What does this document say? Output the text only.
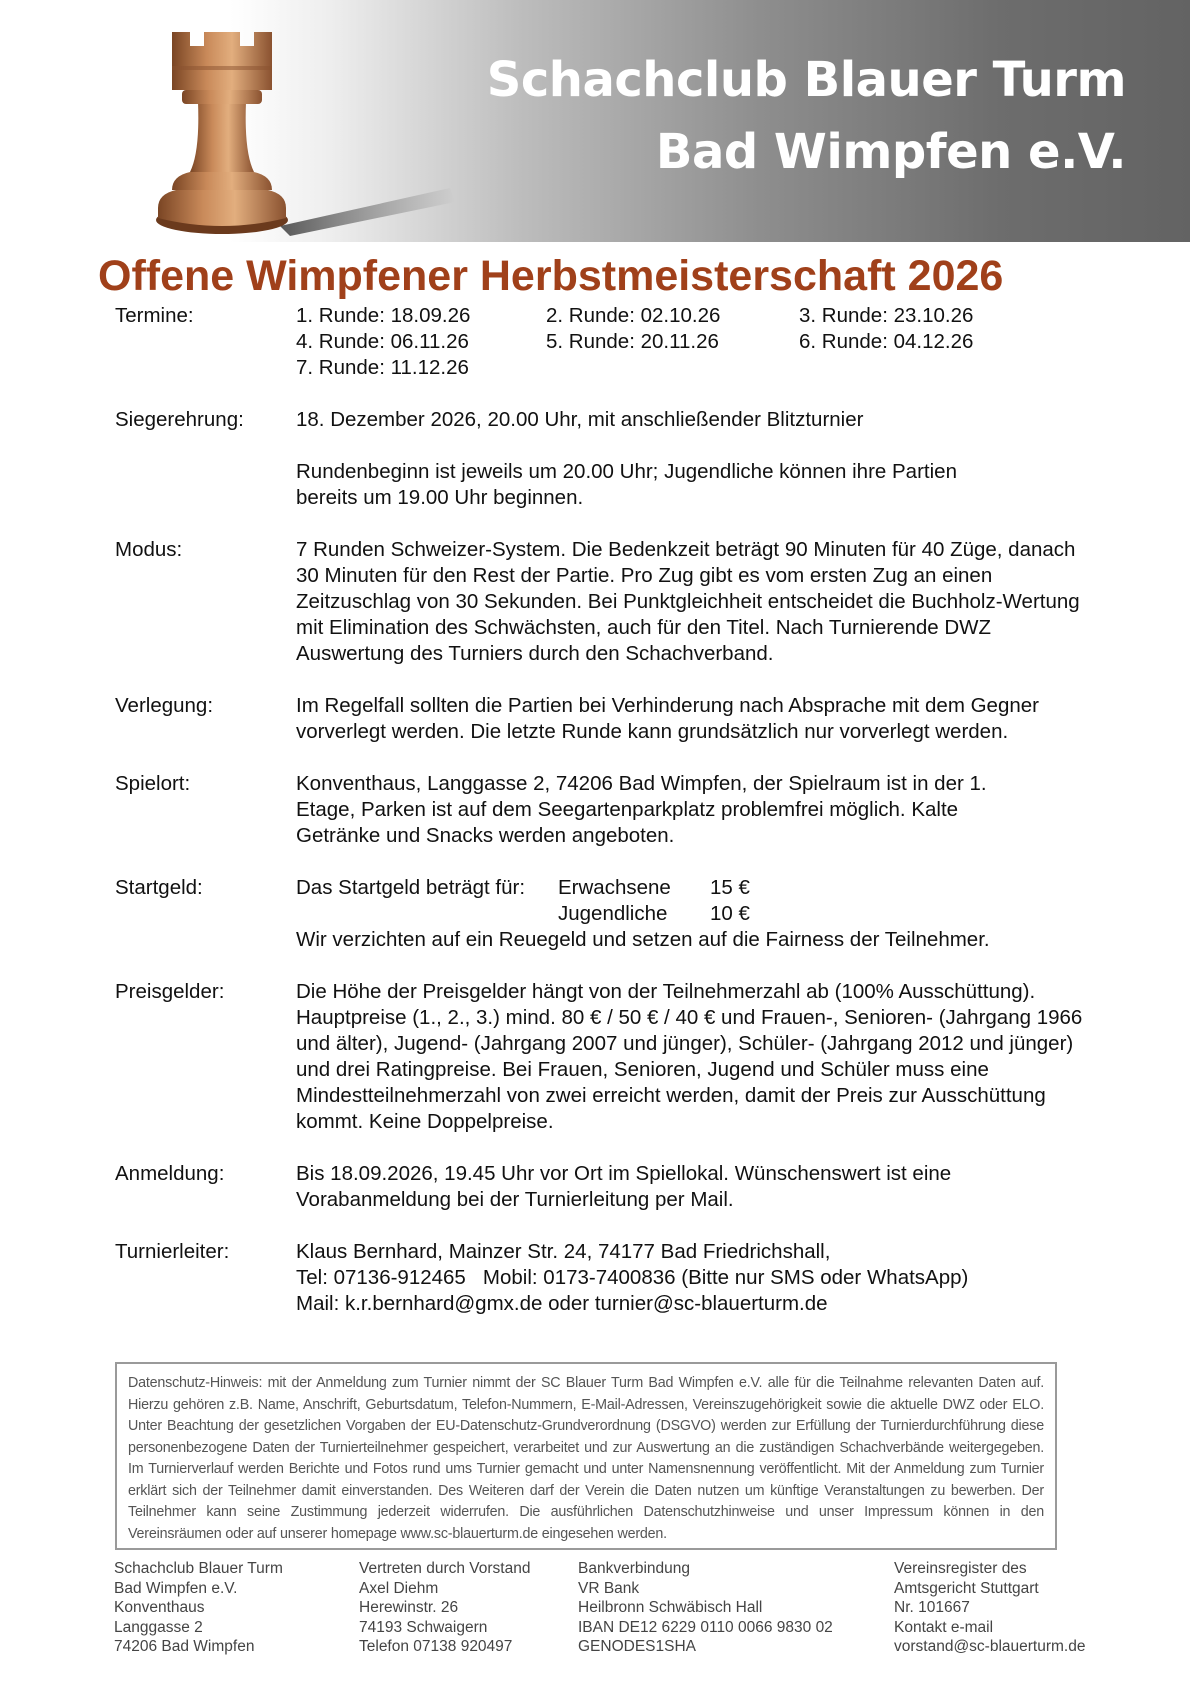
Schachclub Blauer Turm
Bad Wimpfen e.V.
Offene Wimpfener Herbstmeisterschaft 2026
Termine:	1. Runde: 18.09.26	2. Runde: 02.10.26	3. Runde: 23.10.26
4. Runde: 06.11.26	5. Runde: 20.11.26	6. Runde: 04.12.26
7. Runde: 11.12.26
Siegerehrung:	18. Dezember 2026, 20.00 Uhr, mit anschließender Blitzturnier

Rundenbeginn ist jeweils um 20.00 Uhr; Jugendliche können ihre Partien bereits um 19.00 Uhr beginnen.

Modus:	7 Runden Schweizer-System. Die Bedenkzeit beträgt 90 Minuten für 40 Züge, danach 30 Minuten für den Rest der Partie. Pro Zug gibt es vom ersten Zug an einen Zeitzuschlag von 30 Sekunden. Bei Punktgleichheit entscheidet die Buchholz-Wertung mit Elimination des Schwächsten, auch für den Titel. Nach Turnierende DWZ Auswertung des Turniers durch den Schachverband.

Verlegung:	Im Regelfall sollten die Partien bei Verhinderung nach Absprache mit dem Gegner vorverlegt werden. Die letzte Runde kann grundsätzlich nur vorverlegt werden.

Spielort:	Konventhaus, Langgasse 2, 74206 Bad Wimpfen, der Spielraum ist in der 1. Etage, Parken ist auf dem Seegartenparkplatz problemfrei möglich. Kalte Getränke und Snacks werden angeboten.

Startgeld:	Das Startgeld beträgt für:	Erwachsene	15 €
Jugendliche	10 €
Wir verzichten auf ein Reuegeld und setzen auf die Fairness der Teilnehmer.
Preisgelder:	Die Höhe der Preisgelder hängt von der Teilnehmerzahl ab (100% Ausschüttung). Hauptpreise (1., 2., 3.) mind. 80 € / 50 € / 40 € und Frauen-, Senioren- (Jahrgang 1966 und älter), Jugend- (Jahrgang 2007 und jünger), Schüler- (Jahrgang 2012 und jünger) und drei Ratingpreise. Bei Frauen, Senioren, Jugend und Schüler muss eine Mindestteilnehmerzahl von zwei erreicht werden, damit der Preis zur Ausschüttung kommt. Keine Doppelpreise.

Anmeldung:	Bis 18.09.2026, 19.45 Uhr vor Ort im Spiellokal. Wünschenswert ist eine Vorabanmeldung bei der Turnierleitung per Mail.

Turnierleiter:	Klaus Bernhard, Mainzer Str. 24, 74177 Bad Friedrichshall,
Tel: 07136-912465   Mobil: 0173-7400836 (Bitte nur SMS oder WhatsApp)
Mail: k.r.bernhard@gmx.de oder turnier@sc-blauerturm.de
Datenschutz-Hinweis: mit der Anmeldung zum Turnier nimmt der SC Blauer Turm Bad Wimpfen e.V. alle für die Teilnahme relevanten Daten auf. Hierzu gehören z.B. Name, Anschrift, Geburtsdatum, Telefon-Nummern, E-Mail-Adressen, Vereinszugehörigkeit sowie die aktuelle DWZ oder ELO. Unter Beachtung der gesetzlichen Vorgaben der EU-Datenschutz-Grundverordnung (DSGVO) werden zur Erfüllung der Turnierdurchführung diese personenbezogene Daten der Turnierteilnehmer gespeichert, verarbeitet und zur Auswertung an die zuständigen Schachverbände weitergegeben. Im Turnierverlauf werden Berichte und Fotos rund ums Turnier gemacht und unter Namensnennung veröffentlicht. Mit der Anmeldung zum Turnier erklärt sich der Teilnehmer damit einverstanden. Des Weiteren darf der Verein die Daten nutzen um künftige Veranstaltungen zu bewerben. Der Teilnehmer kann seine Zustimmung jederzeit widerrufen. Die ausführlichen Datenschutzhinweise und unser Impressum können in den Vereinsräumen oder auf unserer homepage www.sc-blauerturm.de eingesehen werden.
Schachclub Blauer Turm
Bad Wimpfen e.V.
Konventhaus
Langgasse 2
74206 Bad Wimpfen
Vertreten durch Vorstand
Axel Diehm
Herewinstr. 26
74193 Schwaigern
Telefon 07138 920497
Bankverbindung
VR Bank
Heilbronn Schwäbisch Hall
IBAN DE12 6229 0110 0066 9830 02
GENODES1SHA
Vereinsregister des
Amtsgericht Stuttgart
Nr. 101667
Kontakt e-mail
vorstand@sc-blauerturm.de
